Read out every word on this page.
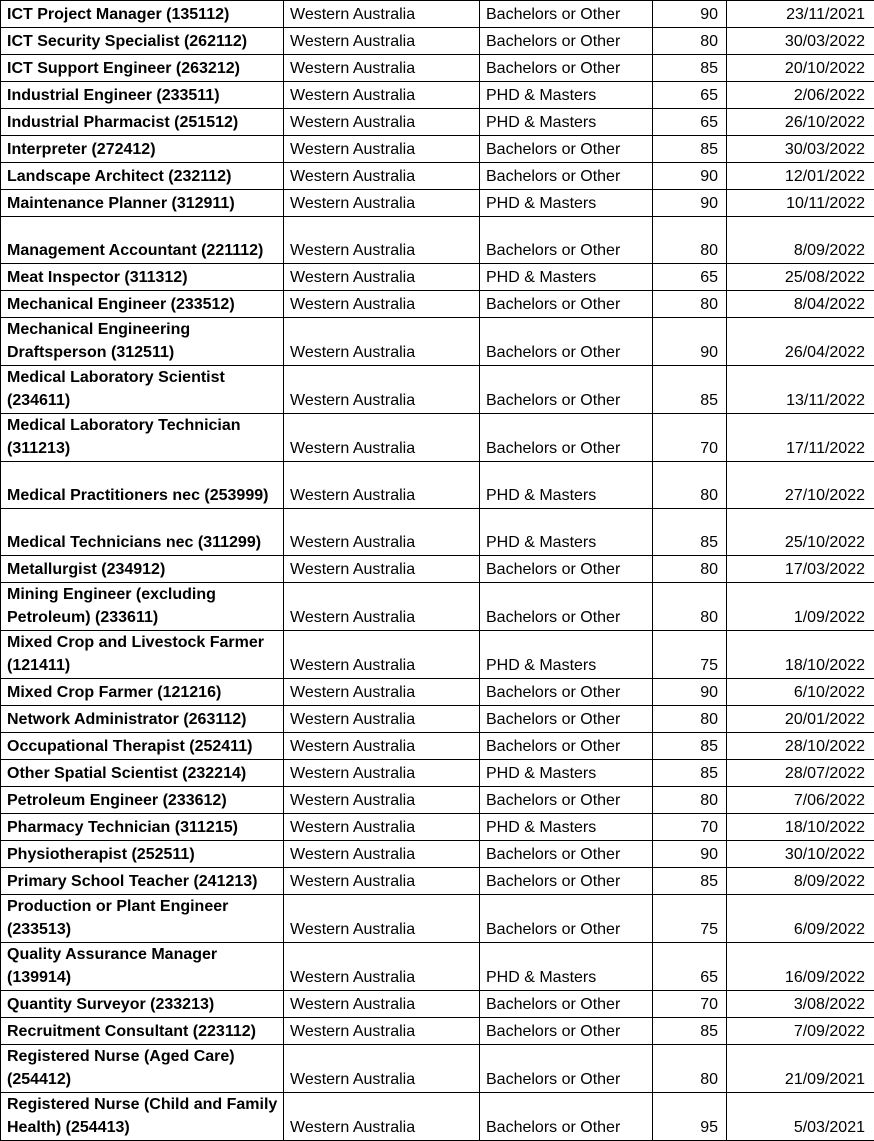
ICT Project Manager (135112)	Western Australia	Bachelors or Other	90	23/11/2021
ICT Security Specialist (262112)	Western Australia	Bachelors or Other	80	30/03/2022
ICT Support Engineer (263212)	Western Australia	Bachelors or Other	85	20/10/2022
Industrial Engineer (233511)	Western Australia	PHD & Masters	65	2/06/2022
Industrial Pharmacist (251512)	Western Australia	PHD & Masters	65	26/10/2022
Interpreter (272412)	Western Australia	Bachelors or Other	85	30/03/2022
Landscape Architect (232112)	Western Australia	Bachelors or Other	90	12/01/2022
Maintenance Planner (312911)	Western Australia	PHD & Masters	90	10/11/2022
Management Accountant (221112)	Western Australia	Bachelors or Other	80	8/09/2022
Meat Inspector (311312)	Western Australia	PHD & Masters	65	25/08/2022
Mechanical Engineer (233512)	Western Australia	Bachelors or Other	80	8/04/2022
Mechanical Engineering Draftsperson (312511)	Western Australia	Bachelors or Other	90	26/04/2022
Medical Laboratory Scientist (234611)	Western Australia	Bachelors or Other	85	13/11/2022
Medical Laboratory Technician (311213)	Western Australia	Bachelors or Other	70	17/11/2022
Medical Practitioners nec (253999)	Western Australia	PHD & Masters	80	27/10/2022
Medical Technicians nec (311299)	Western Australia	PHD & Masters	85	25/10/2022
Metallurgist (234912)	Western Australia	Bachelors or Other	80	17/03/2022
Mining Engineer (excluding Petroleum) (233611)	Western Australia	Bachelors or Other	80	1/09/2022
Mixed Crop and Livestock Farmer (121411)	Western Australia	PHD & Masters	75	18/10/2022
Mixed Crop Farmer (121216)	Western Australia	Bachelors or Other	90	6/10/2022
Network Administrator (263112)	Western Australia	Bachelors or Other	80	20/01/2022
Occupational Therapist (252411)	Western Australia	Bachelors or Other	85	28/10/2022
Other Spatial Scientist (232214)	Western Australia	PHD & Masters	85	28/07/2022
Petroleum Engineer (233612)	Western Australia	Bachelors or Other	80	7/06/2022
Pharmacy Technician (311215)	Western Australia	PHD & Masters	70	18/10/2022
Physiotherapist (252511)	Western Australia	Bachelors or Other	90	30/10/2022
Primary School Teacher (241213)	Western Australia	Bachelors or Other	85	8/09/2022
Production or Plant Engineer (233513)	Western Australia	Bachelors or Other	75	6/09/2022
Quality Assurance Manager (139914)	Western Australia	PHD & Masters	65	16/09/2022
Quantity Surveyor (233213)	Western Australia	Bachelors or Other	70	3/08/2022
Recruitment Consultant (223112)	Western Australia	Bachelors or Other	85	7/09/2022
Registered Nurse (Aged Care) (254412)	Western Australia	Bachelors or Other	80	21/09/2021
Registered Nurse (Child and Family Health) (254413)	Western Australia	Bachelors or Other	95	5/03/2021
